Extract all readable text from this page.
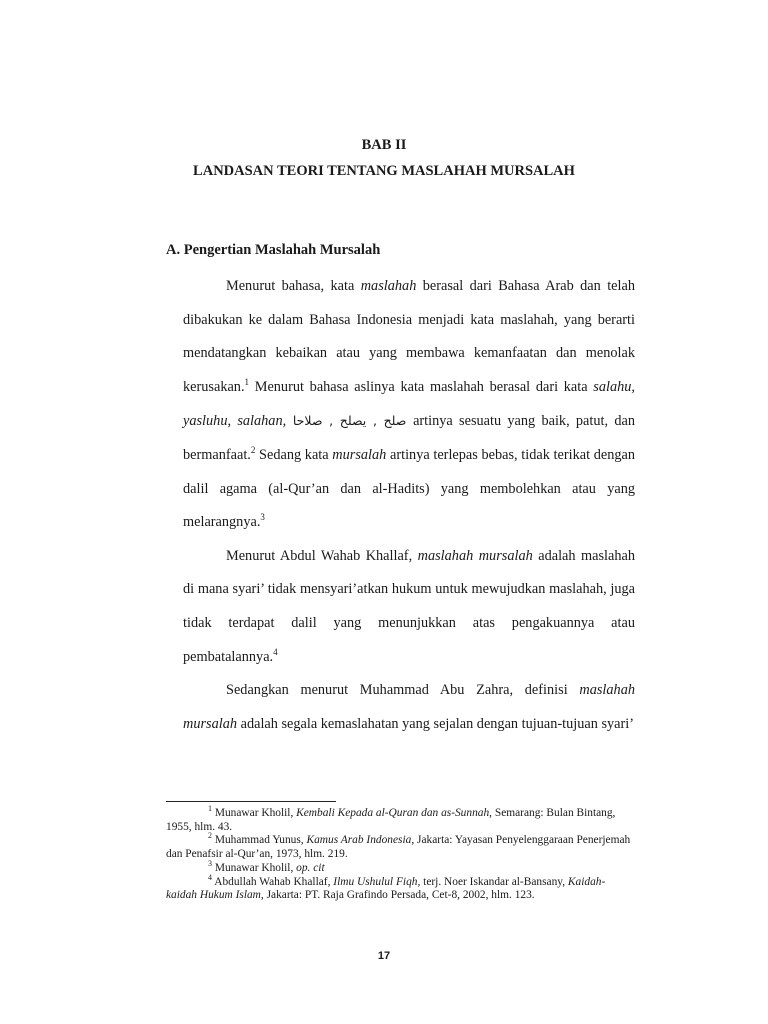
BAB II
LANDASAN TEORI TENTANG MASLAHAH MURSALAH
A. Pengertian Maslahah Mursalah

Menurut bahasa, kata maslahah berasal dari Bahasa Arab dan telah dibakukan ke dalam Bahasa Indonesia menjadi kata maslahah, yang berarti mendatangkan kebaikan atau yang membawa kemanfaatan dan menolak kerusakan.$^1$ Menurut bahasa aslinya kata maslahah berasal dari kata salahu, yasluhu, salahan, صلح , يصلح , صلاحا artinya sesuatu yang baik, patut, dan bermanfaat.$^2$ Sedang kata mursalah artinya terlepas bebas, tidak terikat dengan dalil agama (al-Qur’an dan al-Hadits) yang membolehkan atau yang melarangnya.$^3$

Menurut Abdul Wahab Khallaf, maslahah mursalah adalah maslahah di mana syari’ tidak mensyari’atkan hukum untuk mewujudkan maslahah, juga tidak terdapat dalil yang menunjukkan atas pengakuannya atau pembatalannya.$^4$

Sedangkan menurut Muhammad Abu Zahra, definisi maslahah mursalah adalah segala kemaslahatan yang sejalan dengan tujuan-tujuan syari’

$^1$ Munawar Kholil, Kembali Kepada al-Quran dan as-Sunnah, Semarang: Bulan Bintang, 1955, hlm. 43.

$^2$ Muhammad Yunus, Kamus Arab Indonesia, Jakarta: Yayasan Penyelenggaraan Penerjemah dan Penafsir al-Qur’an, 1973, hlm. 219.

$^3$ Munawar Kholil, op. cit

$^4$ Abdullah Wahab Khallaf, Ilmu Ushulul Fiqh, terj. Noer Iskandar al-Bansany, Kaidah-kaidah Hukum Islam, Jakarta: PT. Raja Grafindo Persada, Cet-8, 2002, hlm. 123.

17
